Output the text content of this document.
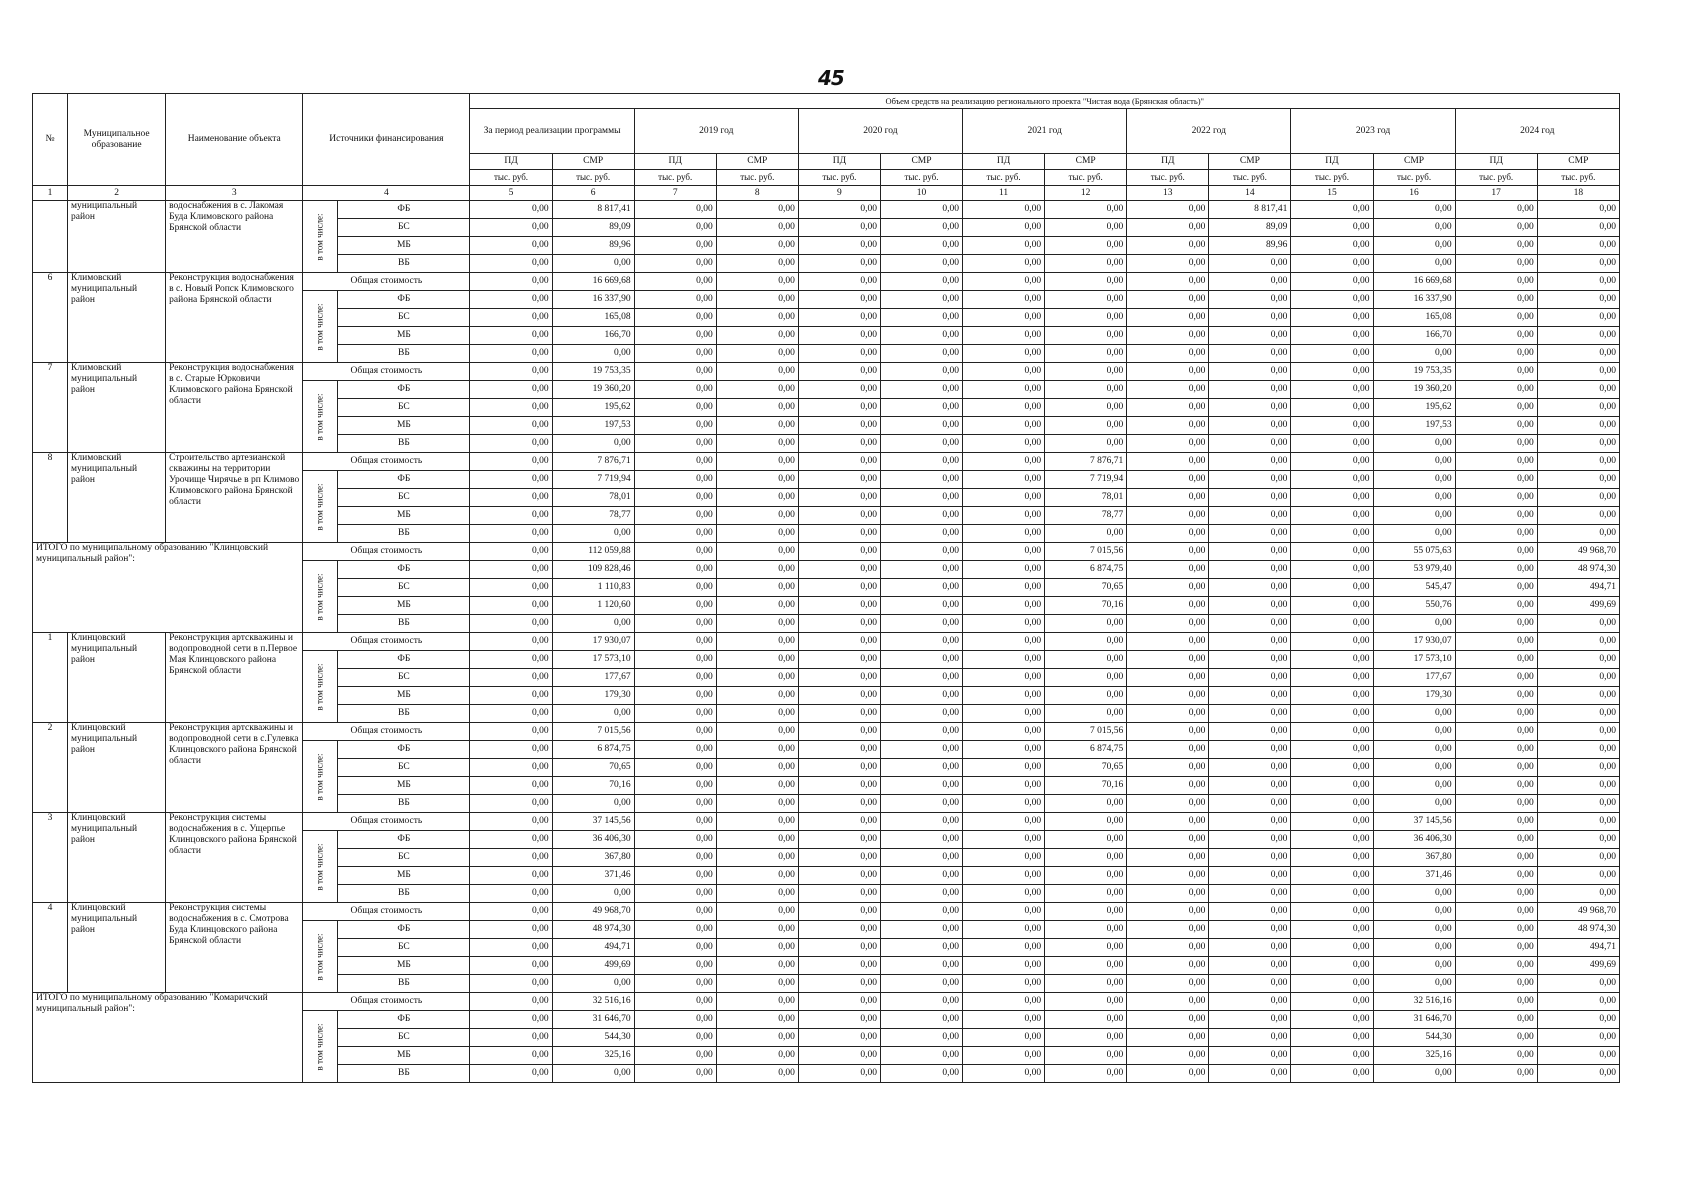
45
№	Муниципальное образование	Наименование объекта	Источники финансирования		Объем средств на реализацию регионального проекта "Чистая вода (Брянская область)"													
					За период реализации программы		2019 год		2020 год		2021 год		2022 год		2023 год		2024 год	
					ПД	СМР	ПД	СМР	ПД	СМР	ПД	СМР	ПД	СМР	ПД	СМР	ПД	СМР
					тыс. руб.	тыс. руб.	тыс. руб.	тыс. руб.	тыс. руб.	тыс. руб.	тыс. руб.	тыс. руб.	тыс. руб.	тыс. руб.	тыс. руб.	тыс. руб.	тыс. руб.	тыс. руб.
1	2	3	4		5	6	7	8	9	10	11	12	13	14	15	16	17	18
	муниципальный район	водоснабжения в с. Лакомая Буда Климовского района Брянской области	в том числе:	ФБ	0,00	8 817,41	0,00	0,00	0,00	0,00	0,00	0,00	0,00	8 817,41	0,00	0,00	0,00	0,00
				БС	0,00	89,09	0,00	0,00	0,00	0,00	0,00	0,00	0,00	89,09	0,00	0,00	0,00	0,00
				МБ	0,00	89,96	0,00	0,00	0,00	0,00	0,00	0,00	0,00	89,96	0,00	0,00	0,00	0,00
				ВБ	0,00	0,00	0,00	0,00	0,00	0,00	0,00	0,00	0,00	0,00	0,00	0,00	0,00	0,00
6	Климовский муниципальный район	Реконструкция водоснабжения в с. Новый Ропск Климовского района Брянской области	Общая стоимость		0,00	16 669,68	0,00	0,00	0,00	0,00	0,00	0,00	0,00	0,00	0,00	16 669,68	0,00	0,00

			в том числе:	ФБ	0,00	16 337,90	0,00	0,00	0,00	0,00	0,00	0,00	0,00	0,00	0,00	16 337,90	0,00	0,00
				БС	0,00	165,08	0,00	0,00	0,00	0,00	0,00	0,00	0,00	0,00	0,00	165,08	0,00	0,00
				МБ	0,00	166,70	0,00	0,00	0,00	0,00	0,00	0,00	0,00	0,00	0,00	166,70	0,00	0,00
				ВБ	0,00	0,00	0,00	0,00	0,00	0,00	0,00	0,00	0,00	0,00	0,00	0,00	0,00	0,00
7	Климовский муниципальный район	Реконструкция водоснабжения в с. Старые Юрковичи Климовского района Брянской области	Общая стоимость		0,00	19 753,35	0,00	0,00	0,00	0,00	0,00	0,00	0,00	0,00	0,00	19 753,35	0,00	0,00

			в том числе:	ФБ	0,00	19 360,20	0,00	0,00	0,00	0,00	0,00	0,00	0,00	0,00	0,00	19 360,20	0,00	0,00
				БС	0,00	195,62	0,00	0,00	0,00	0,00	0,00	0,00	0,00	0,00	0,00	195,62	0,00	0,00
				МБ	0,00	197,53	0,00	0,00	0,00	0,00	0,00	0,00	0,00	0,00	0,00	197,53	0,00	0,00
				ВБ	0,00	0,00	0,00	0,00	0,00	0,00	0,00	0,00	0,00	0,00	0,00	0,00	0,00	0,00
8	Климовский муниципальный район	Строительство артезианской скважины на территории Урочище Чирячье в рп Климово Климовского района Брянской области	Общая стоимость		0,00	7 876,71	0,00	0,00	0,00	0,00	0,00	7 876,71	0,00	0,00	0,00	0,00	0,00	0,00

			в том числе:	ФБ	0,00	7 719,94	0,00	0,00	0,00	0,00	0,00	7 719,94	0,00	0,00	0,00	0,00	0,00	0,00
				БС	0,00	78,01	0,00	0,00	0,00	0,00	0,00	78,01	0,00	0,00	0,00	0,00	0,00	0,00
				МБ	0,00	78,77	0,00	0,00	0,00	0,00	0,00	78,77	0,00	0,00	0,00	0,00	0,00	0,00
				ВБ	0,00	0,00	0,00	0,00	0,00	0,00	0,00	0,00	0,00	0,00	0,00	0,00	0,00	0,00
ИТОГО по муниципальному образованию "Клинцовский муниципальный район":			Общая стоимость		0,00	112 059,88	0,00	0,00	0,00	0,00	0,00	7 015,56	0,00	0,00	0,00	55 075,63	0,00	49 968,70

			в том числе:	ФБ	0,00	109 828,46	0,00	0,00	0,00	0,00	0,00	6 874,75	0,00	0,00	0,00	53 979,40	0,00	48 974,30
				БС	0,00	1 110,83	0,00	0,00	0,00	0,00	0,00	70,65	0,00	0,00	0,00	545,47	0,00	494,71
				МБ	0,00	1 120,60	0,00	0,00	0,00	0,00	0,00	70,16	0,00	0,00	0,00	550,76	0,00	499,69
				ВБ	0,00	0,00	0,00	0,00	0,00	0,00	0,00	0,00	0,00	0,00	0,00	0,00	0,00	0,00
1	Клинцовский муниципальный район	Реконструкция артскважины и водопроводной сети в п.Первое Мая Клинцовского района Брянской области	Общая стоимость		0,00	17 930,07	0,00	0,00	0,00	0,00	0,00	0,00	0,00	0,00	0,00	17 930,07	0,00	0,00

			в том числе:	ФБ	0,00	17 573,10	0,00	0,00	0,00	0,00	0,00	0,00	0,00	0,00	0,00	17 573,10	0,00	0,00
				БС	0,00	177,67	0,00	0,00	0,00	0,00	0,00	0,00	0,00	0,00	0,00	177,67	0,00	0,00
				МБ	0,00	179,30	0,00	0,00	0,00	0,00	0,00	0,00	0,00	0,00	0,00	179,30	0,00	0,00
				ВБ	0,00	0,00	0,00	0,00	0,00	0,00	0,00	0,00	0,00	0,00	0,00	0,00	0,00	0,00
2	Клинцовский муниципальный район	Реконструкция артскважины и водопроводной сети в с.Гулевка Клинцовского района Брянской области	Общая стоимость		0,00	7 015,56	0,00	0,00	0,00	0,00	0,00	7 015,56	0,00	0,00	0,00	0,00	0,00	0,00

			в том числе:	ФБ	0,00	6 874,75	0,00	0,00	0,00	0,00	0,00	6 874,75	0,00	0,00	0,00	0,00	0,00	0,00
				БС	0,00	70,65	0,00	0,00	0,00	0,00	0,00	70,65	0,00	0,00	0,00	0,00	0,00	0,00
				МБ	0,00	70,16	0,00	0,00	0,00	0,00	0,00	70,16	0,00	0,00	0,00	0,00	0,00	0,00
				ВБ	0,00	0,00	0,00	0,00	0,00	0,00	0,00	0,00	0,00	0,00	0,00	0,00	0,00	0,00
3	Клинцовский муниципальный район	Реконструкция системы водоснабжения в с. Ущерпье Клинцовского района Брянской области	Общая стоимость		0,00	37 145,56	0,00	0,00	0,00	0,00	0,00	0,00	0,00	0,00	0,00	37 145,56	0,00	0,00

			в том числе:	ФБ	0,00	36 406,30	0,00	0,00	0,00	0,00	0,00	0,00	0,00	0,00	0,00	36 406,30	0,00	0,00
				БС	0,00	367,80	0,00	0,00	0,00	0,00	0,00	0,00	0,00	0,00	0,00	367,80	0,00	0,00
				МБ	0,00	371,46	0,00	0,00	0,00	0,00	0,00	0,00	0,00	0,00	0,00	371,46	0,00	0,00
				ВБ	0,00	0,00	0,00	0,00	0,00	0,00	0,00	0,00	0,00	0,00	0,00	0,00	0,00	0,00
4	Клинцовский муниципальный район	Реконструкция системы водоснабжения в с. Смотрова Буда Клинцовского района Брянской области	Общая стоимость		0,00	49 968,70	0,00	0,00	0,00	0,00	0,00	0,00	0,00	0,00	0,00	0,00	0,00	49 968,70

			в том числе:	ФБ	0,00	48 974,30	0,00	0,00	0,00	0,00	0,00	0,00	0,00	0,00	0,00	0,00	0,00	48 974,30
				БС	0,00	494,71	0,00	0,00	0,00	0,00	0,00	0,00	0,00	0,00	0,00	0,00	0,00	494,71
				МБ	0,00	499,69	0,00	0,00	0,00	0,00	0,00	0,00	0,00	0,00	0,00	0,00	0,00	499,69
				ВБ	0,00	0,00	0,00	0,00	0,00	0,00	0,00	0,00	0,00	0,00	0,00	0,00	0,00	0,00
ИТОГО по муниципальному образованию "Комаричский муниципальный район":			Общая стоимость		0,00	32 516,16	0,00	0,00	0,00	0,00	0,00	0,00	0,00	0,00	0,00	32 516,16	0,00	0,00

			в том числе:	ФБ	0,00	31 646,70	0,00	0,00	0,00	0,00	0,00	0,00	0,00	0,00	0,00	31 646,70	0,00	0,00
				БС	0,00	544,30	0,00	0,00	0,00	0,00	0,00	0,00	0,00	0,00	0,00	544,30	0,00	0,00
				МБ	0,00	325,16	0,00	0,00	0,00	0,00	0,00	0,00	0,00	0,00	0,00	325,16	0,00	0,00
				ВБ	0,00	0,00	0,00	0,00	0,00	0,00	0,00	0,00	0,00	0,00	0,00	0,00	0,00	0,00
